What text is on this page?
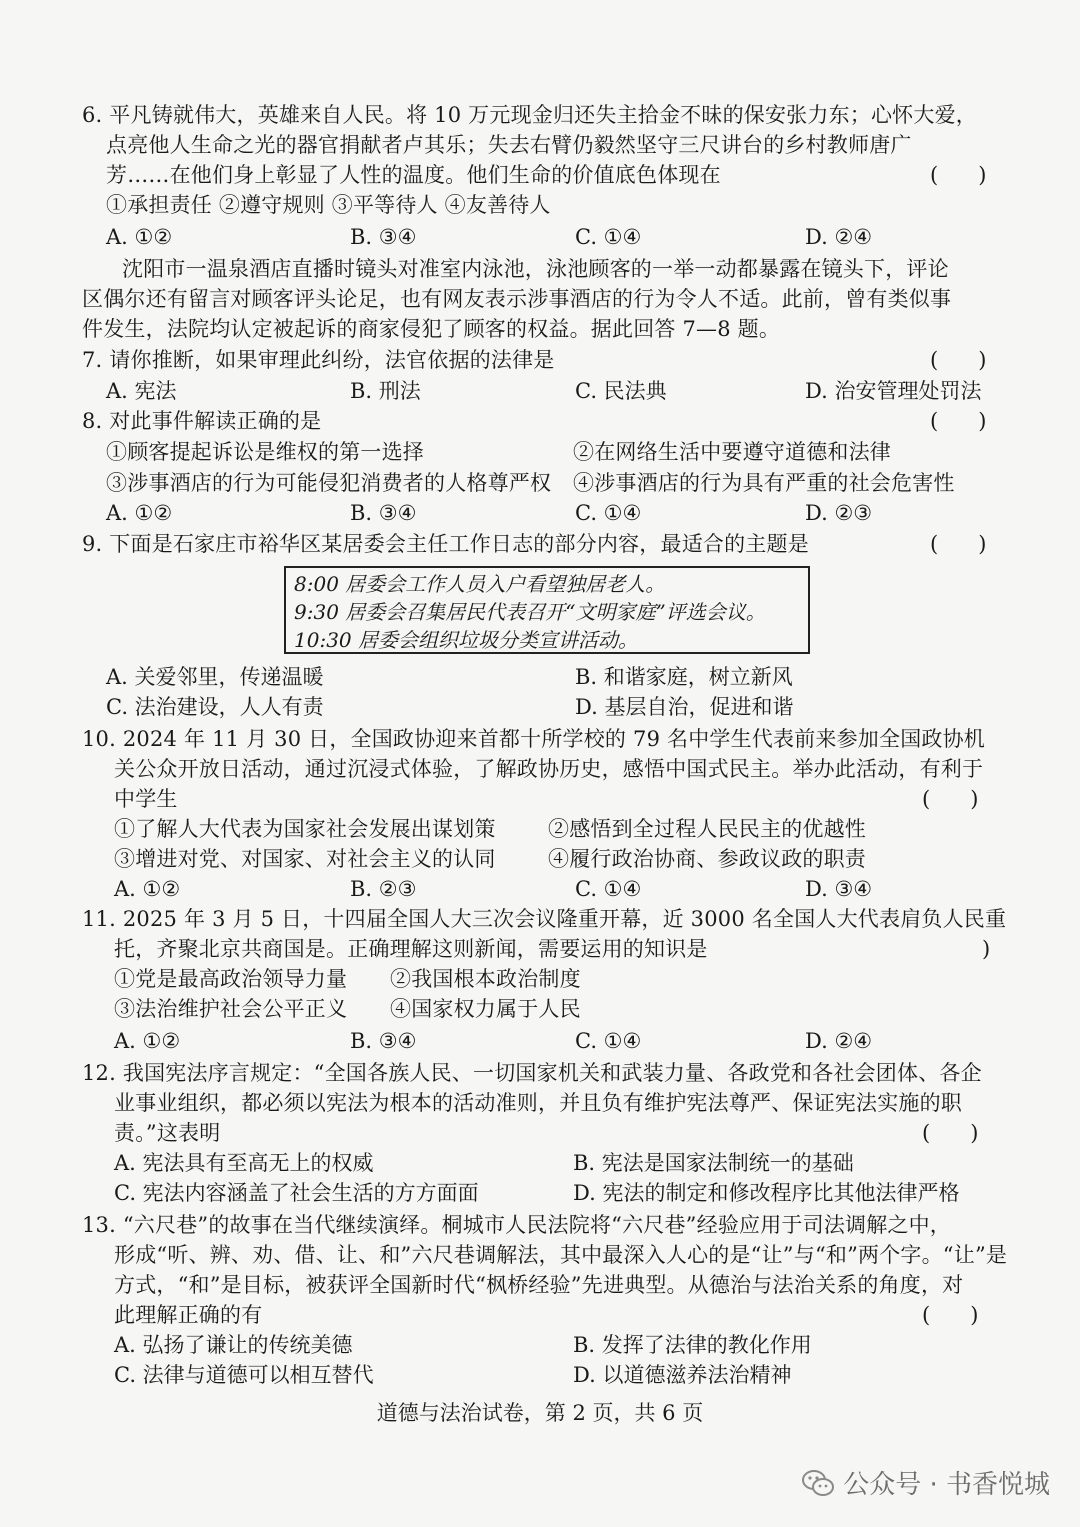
6. 平凡铸就伟大，英雄来自人民。将 10 万元现金归还失主拾金不昧的保安张力东；心怀大爱，
点亮他人生命之光的器官捐献者卢其乐；失去右臂仍毅然坚守三尺讲台的乡村教师唐广
芳……在他们身上彰显了人性的温度。他们生命的价值底色体现在	(      )
①承担责任 ②遵守规则 ③平等待人 ④友善待人
A. ①②	B. ③④	C. ①④	D. ②④
沈阳市一温泉酒店直播时镜头对准室内泳池，泳池顾客的一举一动都暴露在镜头下，评论
区偶尔还有留言对顾客评头论足，也有网友表示涉事酒店的行为令人不适。此前，曾有类似事
件发生，法院均认定被起诉的商家侵犯了顾客的权益。据此回答 7—8 题。
7. 请你推断，如果审理此纠纷，法官依据的法律是	(      )
A. 宪法	B. 刑法	C. 民法典	D. 治安管理处罚法
8. 对此事件解读正确的是	(      )
①顾客提起诉讼是维权的第一选择	②在网络生活中要遵守道德和法律
③涉事酒店的行为可能侵犯消费者的人格尊严权 ④涉事酒店的行为具有严重的社会危害性
A. ①②	B. ③④	C. ①④	D. ②③
9. 下面是石家庄市裕华区某居委会主任工作日志的部分内容，最适合的主题是	(      )
8:00 居委会工作人员入户看望独居老人。
9:30 居委会召集居民代表召开“文明家庭”评选会议。
10:30 居委会组织垃圾分类宣讲活动。
A. 关爱邻里，传递温暖	B. 和谐家庭，树立新风
C. 法治建设，人人有责	D. 基层自治，促进和谐
10. 2024 年 11 月 30 日，全国政协迎来首都十所学校的 79 名中学生代表前来参加全国政协机
关公众开放日活动，通过沉浸式体验，了解政协历史，感悟中国式民主。举办此活动，有利于
中学生	(      )
①了解人大代表为国家社会发展出谋划策 ②感悟到全过程人民民主的优越性
③增进对党、对国家、对社会主义的认同 ④履行政治协商、参政议政的职责
A. ①②	B. ②③	C. ①④	D. ③④
11. 2025 年 3 月 5 日，十四届全国人大三次会议隆重开幕，近 3000 名全国人大代表肩负人民重
托，齐聚北京共商国是。正确理解这则新闻，需要运用的知识是	)
①党是最高政治领导力量 ②我国根本政治制度
③法治维护社会公平正义 ④国家权力属于人民
A. ①②	B. ③④	C. ①④	D. ②④
12. 我国宪法序言规定：“全国各族人民、一切国家机关和武装力量、各政党和各社会团体、各企
业事业组织，都必须以宪法为根本的活动准则，并且负有维护宪法尊严、保证宪法实施的职
责。”这表明	(      )
A. 宪法具有至高无上的权威	B. 宪法是国家法制统一的基础
C. 宪法内容涵盖了社会生活的方方面面	D. 宪法的制定和修改程序比其他法律严格
13. “六尺巷”的故事在当代继续演绎。桐城市人民法院将“六尺巷”经验应用于司法调解之中，
形成“听、辨、劝、借、让、和”六尺巷调解法，其中最深入人心的是“让”与“和”两个字。“让”是
方式，“和”是目标，被获评全国新时代“枫桥经验”先进典型。从德治与法治关系的角度，对
此理解正确的有	(      )
A. 弘扬了谦让的传统美德	B. 发挥了法律的教化作用
C. 法律与道德可以相互替代	D. 以道德滋养法治精神
道德与法治试卷，第 2 页，共 6 页
公众号 · 书香悦城
